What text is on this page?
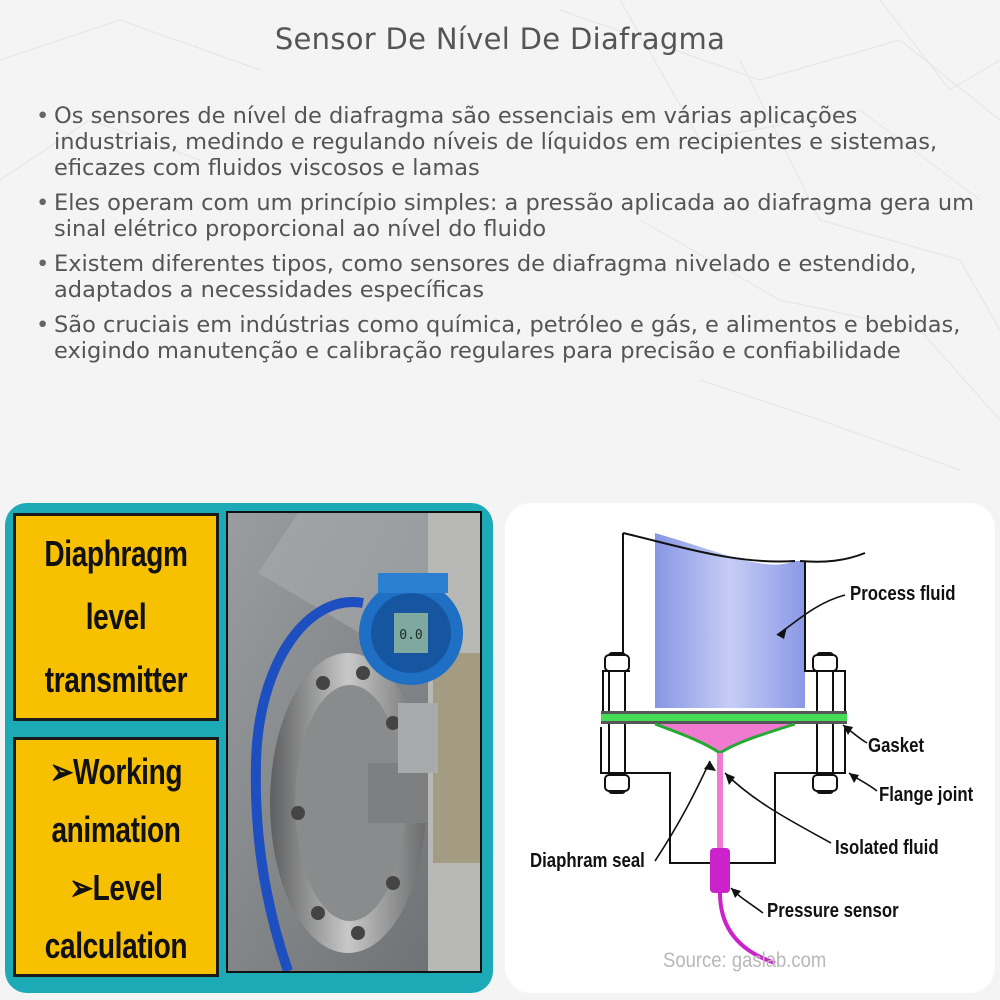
Sensor De Nível De Diafragma
• Os sensores de nível de diafragma são essenciais em várias aplicações industriais, medindo e regulando níveis de líquidos em recipientes e sistemas, eficazes com fluidos viscosos e lamas
• Eles operam com um princípio simples: a pressão aplicada ao diafragma gera um sinal elétrico proporcional ao nível do fluido
• Existem diferentes tipos, como sensores de diafragma nivelado e estendido, adaptados a necessidades específicas
• São cruciais em indústrias como química, petróleo e gás, e alimentos e bebidas, exigindo manutenção e calibração regulares para precisão e confiabilidade
Diaphragm
level
transmitter
➢Working
animation
➢Level
calculation
0.0
Process fluid
Gasket
Flange joint
Isolated fluid
Diaphram seal
Pressure sensor
Source: gaslab.com
